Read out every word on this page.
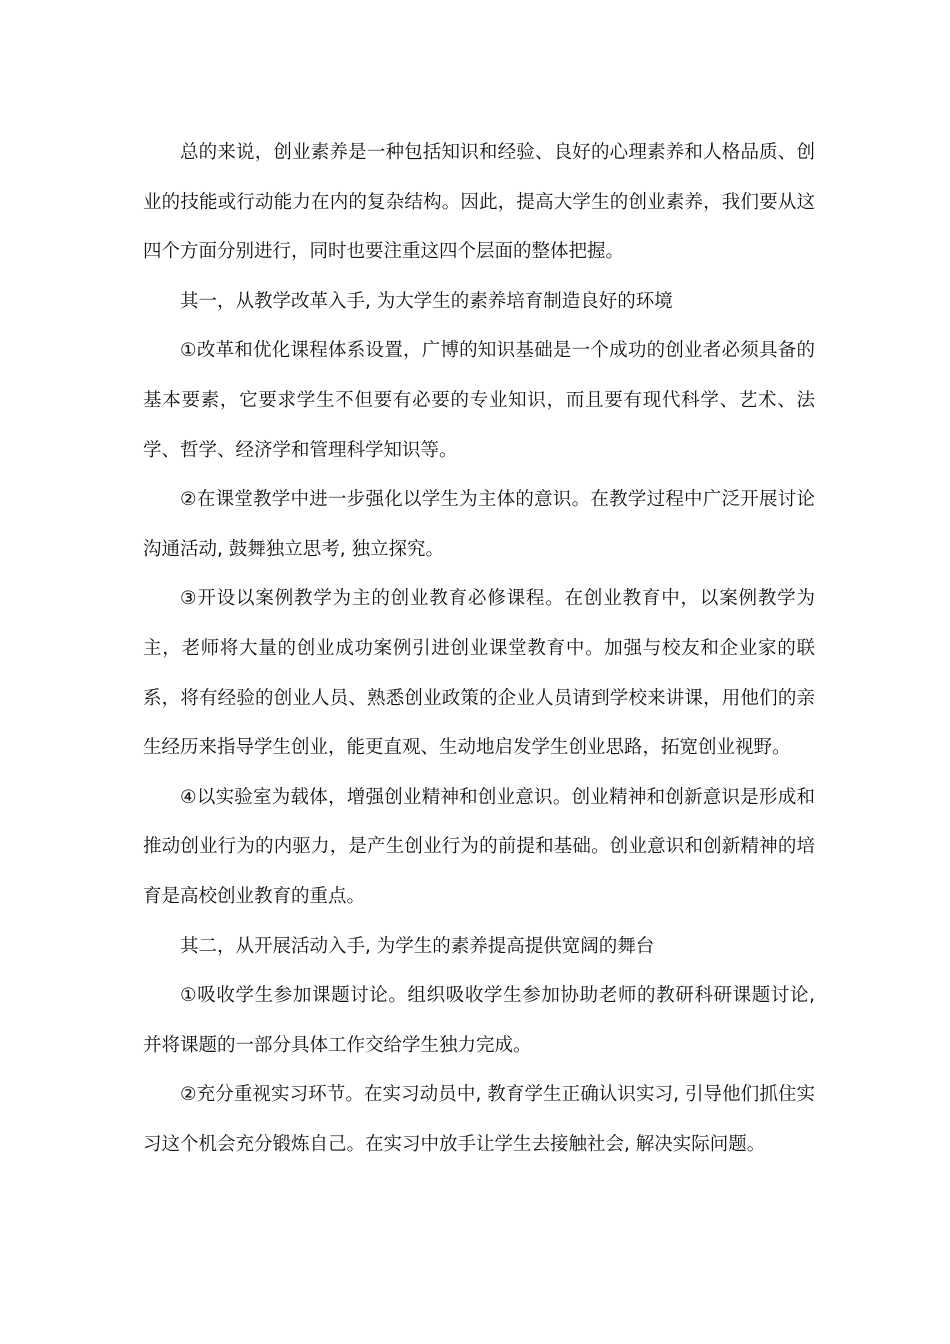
总的来说，创业素养是一种包括知识和经验、良好的心理素养和人格品质、创业的技能或行动能力在内的复杂结构。因此，提高大学生的创业素养，我们要从这四个方面分别进行，同时也要注重这四个层面的整体把握。

其一，从教学改革入手, 为大学生的素养培育制造良好的环境

①改革和优化课程体系设置，广博的知识基础是一个成功的创业者必须具备的基本要素，它要求学生不但要有必要的专业知识，而且要有现代科学、艺术、法学、哲学、经济学和管理科学知识等。

②在课堂教学中进一步强化以学生为主体的意识。在教学过程中广泛开展讨论沟通活动, 鼓舞独立思考, 独立探究。

③开设以案例教学为主的创业教育必修课程。在创业教育中，以案例教学为主，老师将大量的创业成功案例引进创业课堂教育中。加强与校友和企业家的联系，将有经验的创业人员、熟悉创业政策的企业人员请到学校来讲课，用他们的亲生经历来指导学生创业，能更直观、生动地启发学生创业思路，拓宽创业视野。

④以实验室为载体，增强创业精神和创业意识。创业精神和创新意识是形成和推动创业行为的内驱力，是产生创业行为的前提和基础。创业意识和创新精神的培育是高校创业教育的重点。

其二，从开展活动入手, 为学生的素养提高提供宽阔的舞台

①吸收学生参加课题讨论。组织吸收学生参加协助老师的教研科研课题讨论, 并将课题的一部分具体工作交给学生独力完成。

②充分重视实习环节。在实习动员中, 教育学生正确认识实习, 引导他们抓住实习这个机会充分锻炼自己。在实习中放手让学生去接触社会, 解决实际问题。
